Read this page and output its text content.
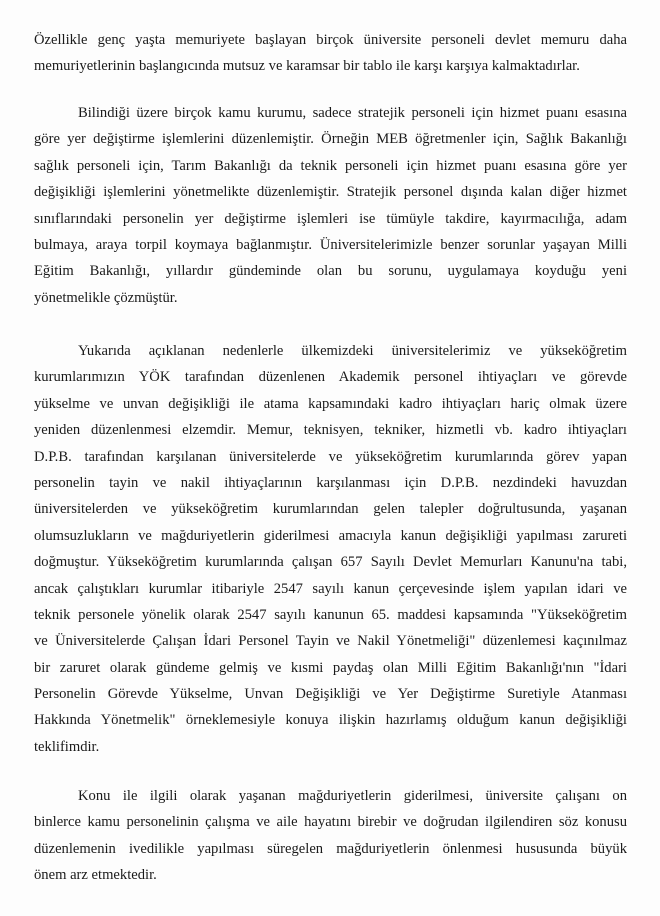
Özellikle genç yaşta memuriyete başlayan birçok üniversite personeli devlet memuru daha
memuriyetlerinin başlangıcında mutsuz ve karamsar bir tablo ile karşı karşıya kalmaktadırlar.
Bilindiği üzere birçok kamu kurumu, sadece stratejik personeli için hizmet puanı esasına
göre yer değiştirme işlemlerini düzenlemiştir. Örneğin MEB öğretmenler için, Sağlık Bakanlığı
sağlık personeli için, Tarım Bakanlığı da teknik personeli için hizmet puanı esasına göre yer
değişikliği işlemlerini yönetmelikte düzenlemiştir. Stratejik personel dışında kalan diğer hizmet
sınıflarındaki personelin yer değiştirme işlemleri ise tümüyle takdire, kayırmacılığa, adam
bulmaya, araya torpil koymaya bağlanmıştır. Üniversitelerimizle benzer sorunlar yaşayan Milli
Eğitim Bakanlığı, yıllardır gündeminde olan bu sorunu, uygulamaya koyduğu yeni
yönetmelikle çözmüştür.
Yukarıda açıklanan nedenlerle ülkemizdeki üniversitelerimiz ve yükseköğretim
kurumlarımızın YÖK tarafından düzenlenen Akademik personel ihtiyaçları ve görevde
yükselme ve unvan değişikliği ile atama kapsamındaki kadro ihtiyaçları hariç olmak üzere
yeniden düzenlenmesi elzemdir. Memur, teknisyen, tekniker, hizmetli vb. kadro ihtiyaçları
D.P.B. tarafından karşılanan üniversitelerde ve yükseköğretim kurumlarında görev yapan
personelin tayin ve nakil ihtiyaçlarının karşılanması için D.P.B. nezdindeki havuzdan
üniversitelerden ve yükseköğretim kurumlarından gelen talepler doğrultusunda, yaşanan
olumsuzlukların ve mağduriyetlerin giderilmesi amacıyla kanun değişikliği yapılması zarureti
doğmuştur. Yükseköğretim kurumlarında çalışan 657 Sayılı Devlet Memurları Kanunu'na tabi,
ancak çalıştıkları kurumlar itibariyle 2547 sayılı kanun çerçevesinde işlem yapılan idari ve
teknik personele yönelik olarak 2547 sayılı kanunun 65. maddesi kapsamında "Yükseköğretim
ve Üniversitelerde Çalışan İdari Personel Tayin ve Nakil Yönetmeliği" düzenlemesi kaçınılmaz
bir zaruret olarak gündeme gelmiş ve kısmi paydaş olan Milli Eğitim Bakanlığı'nın "İdari
Personelin Görevde Yükselme, Unvan Değişikliği ve Yer Değiştirme Suretiyle Atanması
Hakkında Yönetmelik" örneklemesiyle konuya ilişkin hazırlamış olduğum kanun değişikliği
teklifimdir.
Konu ile ilgili olarak yaşanan mağduriyetlerin giderilmesi, üniversite çalışanı on
binlerce kamu personelinin çalışma ve aile hayatını birebir ve doğrudan ilgilendiren söz konusu
düzenlemenin ivedilikle yapılması süregelen mağduriyetlerin önlenmesi hususunda büyük
önem arz etmektedir.
